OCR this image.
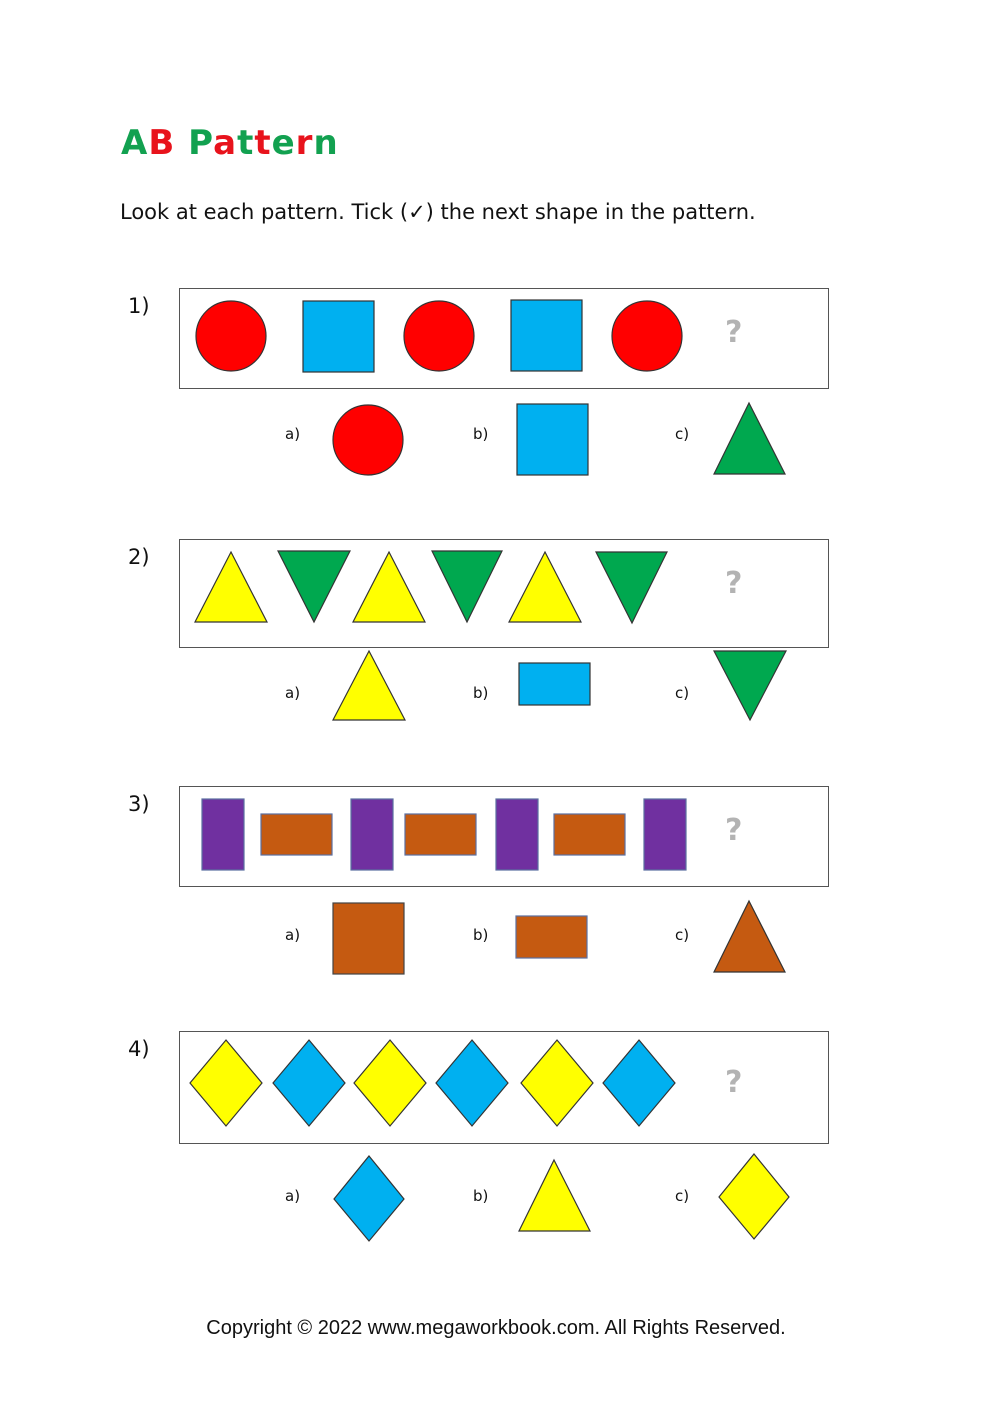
AB Pattern

Look at each pattern. Tick (✓) the next shape in the pattern.

1)
?
a)	b)	c)
2)
?
a)	b)	c)
3)
?
a)	b)	c)
4)
?
a)	b)	c)
Copyright © 2022 www.megaworkbook.com. All Rights Reserved.
